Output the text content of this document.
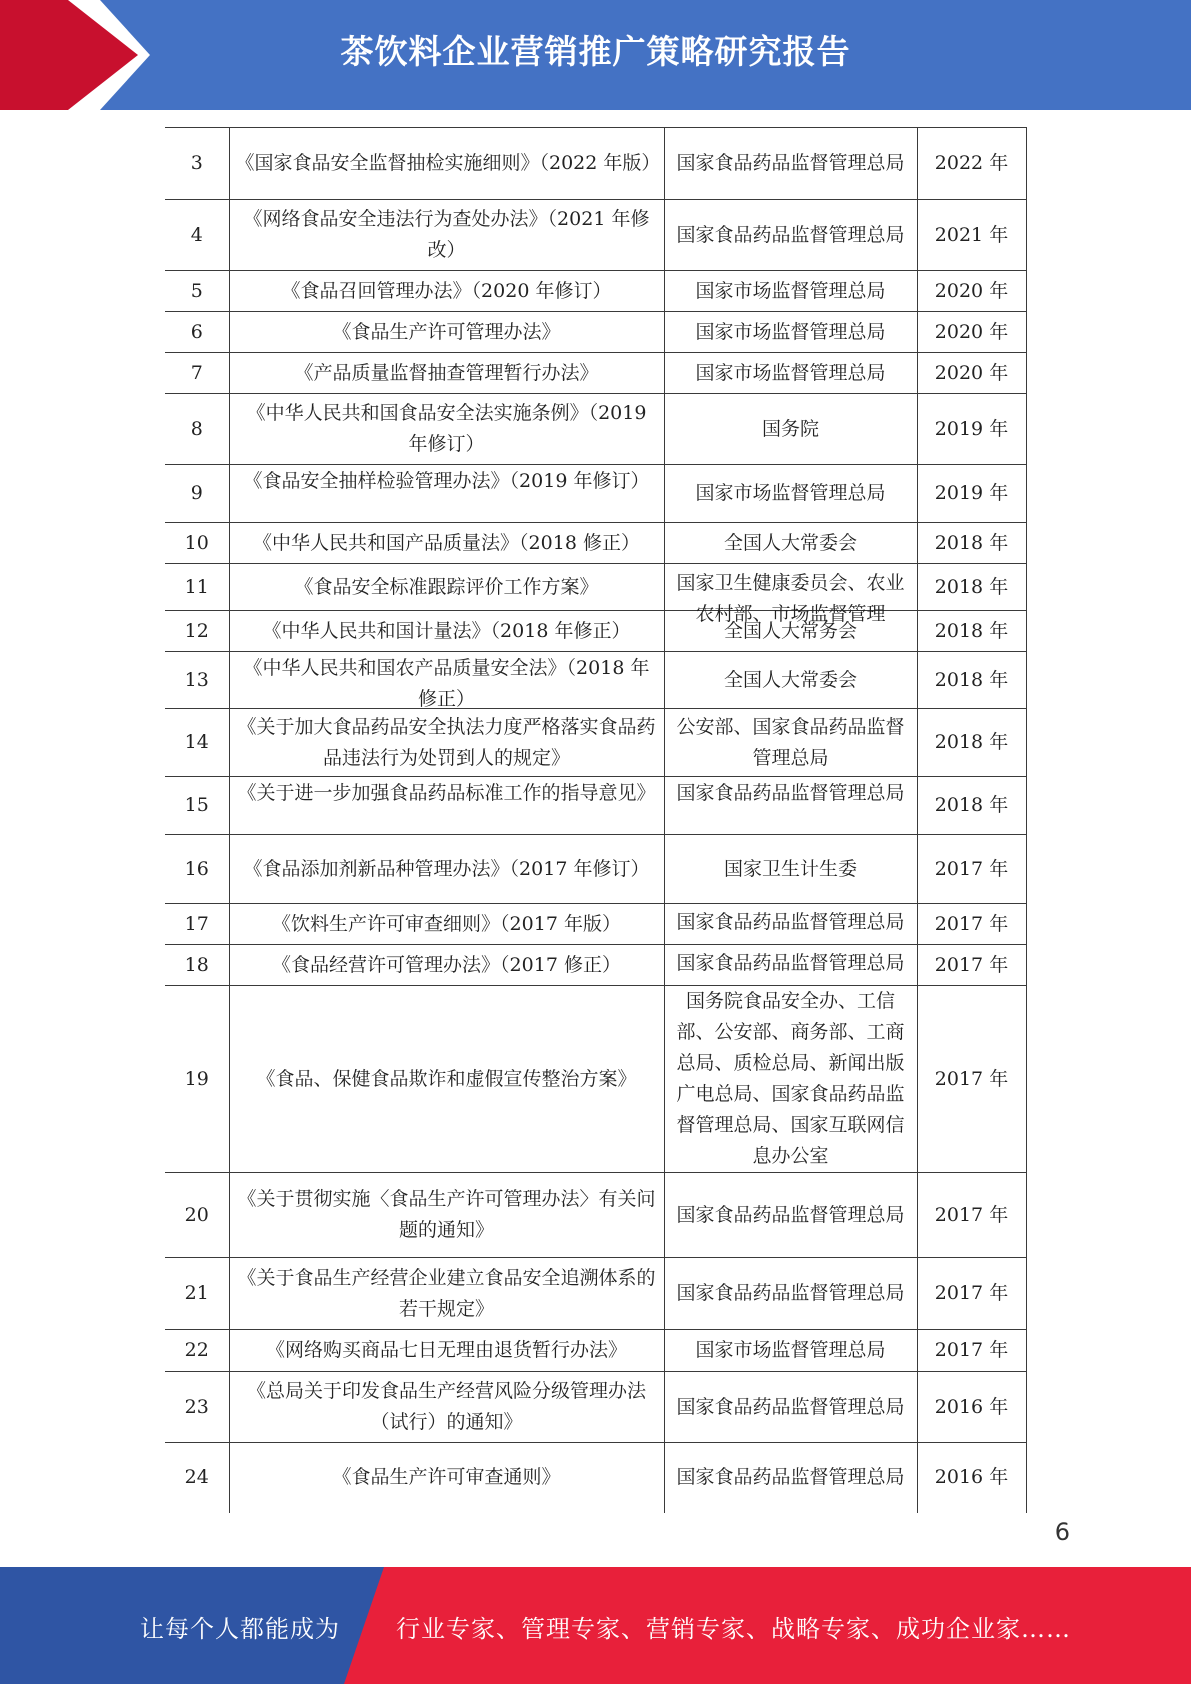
茶饮料企业营销推广策略研究报告
3	《国家食品安全监督抽检实施细则》（2022 年版）	国家食品药品监督管理总局	2022 年
4	《网络食品安全违法行为查处办法》（2021 年修改）	国家食品药品监督管理总局	2021 年
5	《食品召回管理办法》（2020 年修订）	国家市场监督管理总局	2020 年
6	《食品生产许可管理办法》	国家市场监督管理总局	2020 年
7	《产品质量监督抽查管理暂行办法》	国家市场监督管理总局	2020 年
8	《中华人民共和国食品安全法实施条例》（2019 年修订）	国务院	2019 年
9	《食品安全抽样检验管理办法》（2019 年修订）	国家市场监督管理总局	2019 年
10	《中华人民共和国产品质量法》（2018 修正）	全国人大常委会	2018 年
11	《食品安全标准跟踪评价工作方案》	国家卫生健康委员会、农业农村部、市场监督管理	2018 年
12	《中华人民共和国计量法》（2018 年修正）	全国人大常务会	2018 年
13	《中华人民共和国农产品质量安全法》（2018 年修正）	全国人大常委会	2018 年
14	《关于加大食品药品安全执法力度严格落实食品药品违法行为处罚到人的规定》	公安部、国家食品药品监督管理总局	2018 年
15	《关于进一步加强食品药品标准工作的指导意见》	国家食品药品监督管理总局	2018 年
16	《食品添加剂新品种管理办法》（2017 年修订）	国家卫生计生委	2017 年
17	《饮料生产许可审查细则》（2017 年版）	国家食品药品监督管理总局	2017 年
18	《食品经营许可管理办法》（2017 修正）	国家食品药品监督管理总局	2017 年
19	《食品、保健食品欺诈和虚假宣传整治方案》	国务院食品安全办、工信部、公安部、商务部、工商总局、质检总局、新闻出版广电总局、国家食品药品监督管理总局、国家互联网信息办公室	2017 年
20	《关于贯彻实施〈食品生产许可管理办法〉有关问题的通知》	国家食品药品监督管理总局	2017 年
21	《关于食品生产经营企业建立食品安全追溯体系的若干规定》	国家食品药品监督管理总局	2017 年
22	《网络购买商品七日无理由退货暂行办法》	国家市场监督管理总局	2017 年
23	《总局关于印发食品生产经营风险分级管理办法（试行）的通知》	国家食品药品监督管理总局	2016 年
24	《食品生产许可审查通则》	国家食品药品监督管理总局	2016 年
6
让每个人都能成为 行业专家、管理专家、营销专家、战略专家、成功企业家……
